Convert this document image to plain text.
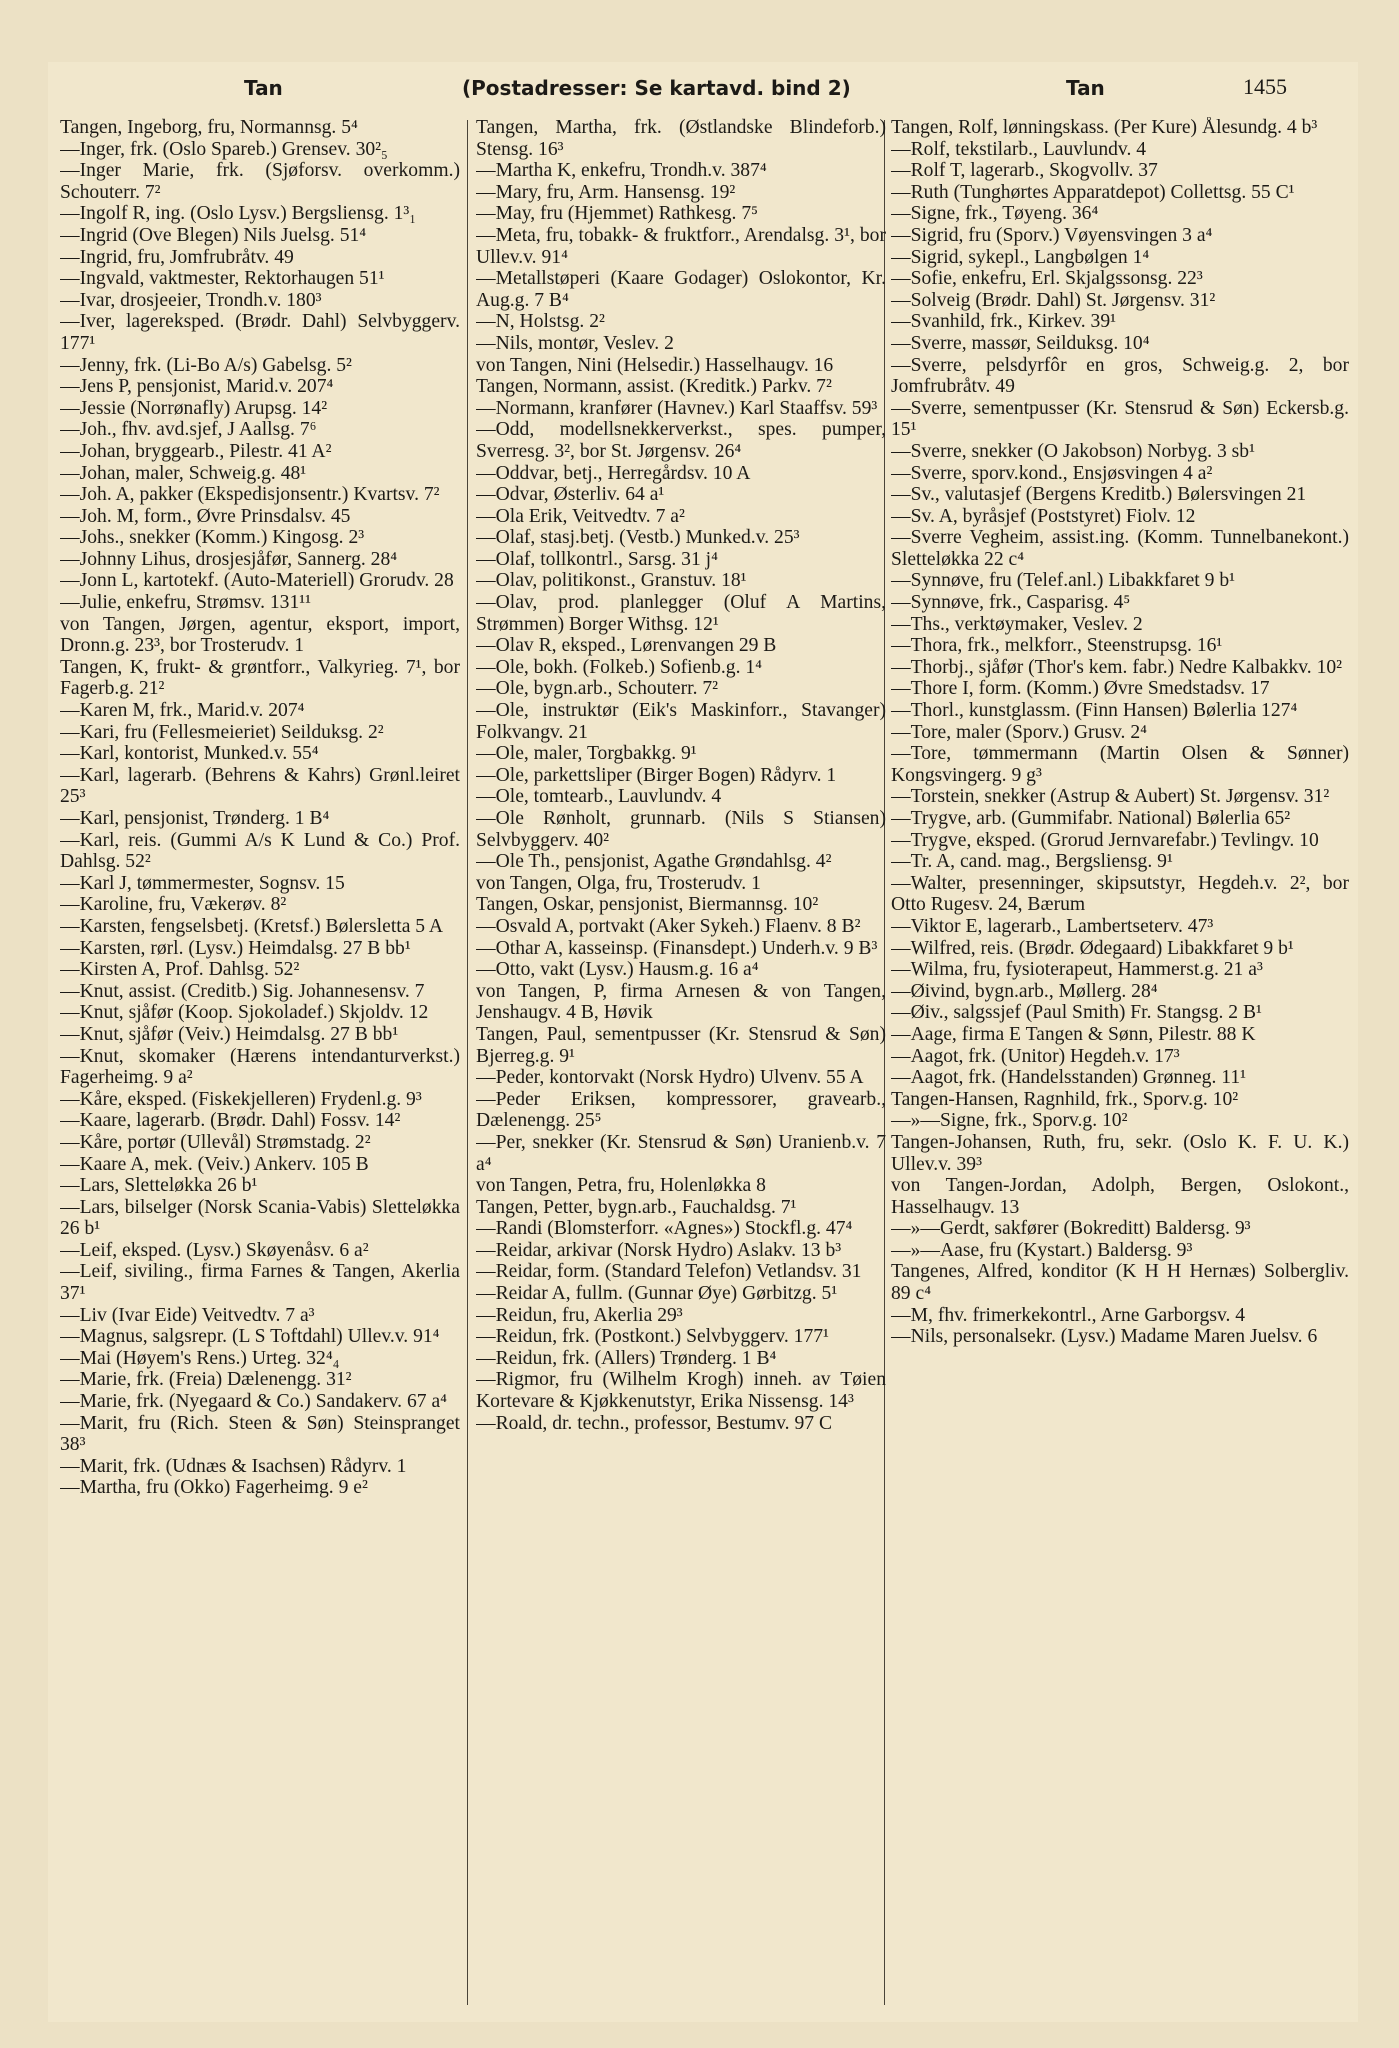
Tan	(Postadresser: Se kartavd. bind 2)	Tan	1455

Tangen, Ingeborg, fru, Normannsg. 5⁴

—Inger, frk. (Oslo Spareb.) Grensev. 30²₅

—Inger Marie, frk. (Sjøforsv. overkomm.) Schouterr. 7²

—Ingolf R, ing. (Oslo Lysv.) Bergsliensg. 1³₁

—Ingrid (Ove Blegen) Nils Juelsg. 51⁴

—Ingrid, fru, Jomfrubråtv. 49

—Ingvald, vaktmester, Rektorhaugen 51¹

—Ivar, drosjeeier, Trondh.v. 180³

—Iver, lagereksped. (Brødr. Dahl) Selvbyggerv. 177¹

—Jenny, frk. (Li-Bo A/s) Gabelsg. 5²

—Jens P, pensjonist, Marid.v. 207⁴

—Jessie (Norrønafly) Arupsg. 14²

—Joh., fhv. avd.sjef, J Aallsg. 7⁶

—Johan, bryggearb., Pilestr. 41 A²

—Johan, maler, Schweig.g. 48¹

—Joh. A, pakker (Ekspedisjonsentr.) Kvartsv. 7²

—Joh. M, form., Øvre Prinsdalsv. 45

—Johs., snekker (Komm.) Kingosg. 2³

—Johnny Lihus, drosjesjåfør, Sannerg. 28⁴

—Jonn L, kartotekf. (Auto-Materiell) Grorudv. 28

—Julie, enkefru, Strømsv. 131¹¹

von Tangen, Jørgen, agentur, eksport, import, Dronn.g. 23³, bor Trosterudv. 1

Tangen, K, frukt- & grøntforr., Valkyrieg. 7¹, bor Fagerb.g. 21²

—Karen M, frk., Marid.v. 207⁴

—Kari, fru (Fellesmeieriet) Seilduksg. 2²

—Karl, kontorist, Munked.v. 55⁴

—Karl, lagerarb. (Behrens & Kahrs) Grønl.leiret 25³

—Karl, pensjonist, Trønderg. 1 B⁴

—Karl, reis. (Gummi A/s K Lund & Co.) Prof. Dahlsg. 52²

—Karl J, tømmermester, Sognsv. 15

—Karoline, fru, Vækerøv. 8²

—Karsten, fengselsbetj. (Kretsf.) Bølersletta 5 A

—Karsten, rørl. (Lysv.) Heimdalsg. 27 B bb¹

—Kirsten A, Prof. Dahlsg. 52²

—Knut, assist. (Creditb.) Sig. Johannesensv. 7

—Knut, sjåfør (Koop. Sjokoladef.) Skjoldv. 12

—Knut, sjåfør (Veiv.) Heimdalsg. 27 B bb¹

—Knut, skomaker (Hærens intendanturverkst.) Fagerheimg. 9 a²

—Kåre, eksped. (Fiskekjelleren) Frydenl.g. 9³

—Kaare, lagerarb. (Brødr. Dahl) Fossv. 14²

—Kåre, portør (Ullevål) Strømstadg. 2²

—Kaare A, mek. (Veiv.) Ankerv. 105 B

—Lars, Sletteløkka 26 b¹

—Lars, bilselger (Norsk Scania-Vabis) Sletteløkka 26 b¹

—Leif, eksped. (Lysv.) Skøyenåsv. 6 a²

—Leif, siviling., firma Farnes & Tangen, Akerlia 37¹

—Liv (Ivar Eide) Veitvedtv. 7 a³

—Magnus, salgsrepr. (L S Toftdahl) Ullev.v. 91⁴

—Mai (Høyem's Rens.) Urteg. 32⁴₄

—Marie, frk. (Freia) Dælenengg. 31²

—Marie, frk. (Nyegaard & Co.) Sandakerv. 67 a⁴

—Marit, fru (Rich. Steen & Søn) Steinspranget 38³

—Marit, frk. (Udnæs & Isachsen) Rådyrv. 1

—Martha, fru (Okko) Fagerheimg. 9 e²

Tangen, Martha, frk. (Østlandske Blindeforb.) Stensg. 16³

—Martha K, enkefru, Trondh.v. 387⁴

—Mary, fru, Arm. Hansensg. 19²

—May, fru (Hjemmet) Rathkesg. 7⁵

—Meta, fru, tobakk- & fruktforr., Arendalsg. 3¹, bor Ullev.v. 91⁴

—Metallstøperi (Kaare Godager) Oslokontor, Kr. Aug.g. 7 B⁴

—N, Holstsg. 2²

—Nils, montør, Veslev. 2

von Tangen, Nini (Helsedir.) Hasselhaugv. 16

Tangen, Normann, assist. (Kreditk.) Parkv. 7²

—Normann, kranfører (Havnev.) Karl Staaffsv. 59³

—Odd, modellsnekkerverkst., spes. pumper, Sverresg. 3², bor St. Jørgensv. 26⁴

—Oddvar, betj., Herregårdsv. 10 A

—Odvar, Østerliv. 64 a¹

—Ola Erik, Veitvedtv. 7 a²

—Olaf, stasj.betj. (Vestb.) Munked.v. 25³

—Olaf, tollkontrl., Sarsg. 31 j⁴

—Olav, politikonst., Granstuv. 18¹

—Olav, prod. planlegger (Oluf A Martins, Strømmen) Borger Withsg. 12¹

—Olav R, eksped., Lørenvangen 29 B

—Ole, bokh. (Folkeb.) Sofienb.g. 1⁴

—Ole, bygn.arb., Schouterr. 7²

—Ole, instruktør (Eik's Maskinforr., Stavanger) Folkvangv. 21

—Ole, maler, Torgbakkg. 9¹

—Ole, parkettsliper (Birger Bogen) Rådyrv. 1

—Ole, tomtearb., Lauvlundv. 4

—Ole Rønholt, grunnarb. (Nils S Stiansen) Selvbyggerv. 40²

—Ole Th., pensjonist, Agathe Grøndahlsg. 4²

von Tangen, Olga, fru, Trosterudv. 1

Tangen, Oskar, pensjonist, Biermannsg. 10²

—Osvald A, portvakt (Aker Sykeh.) Flaenv. 8 B²

—Othar A, kasseinsp. (Finansdept.) Underh.v. 9 B³

—Otto, vakt (Lysv.) Hausm.g. 16 a⁴

von Tangen, P, firma Arnesen & von Tangen, Jenshaugv. 4 B, Høvik

Tangen, Paul, sementpusser (Kr. Stensrud & Søn) Bjerreg.g. 9¹

—Peder, kontorvakt (Norsk Hydro) Ulvenv. 55 A

—Peder Eriksen, kompressorer, gravearb., Dælenengg. 25⁵

—Per, snekker (Kr. Stensrud & Søn) Uranienb.v. 7 a⁴

von Tangen, Petra, fru, Holenløkka 8

Tangen, Petter, bygn.arb., Fauchaldsg. 7¹

—Randi (Blomsterforr. «Agnes») Stockfl.g. 47⁴

—Reidar, arkivar (Norsk Hydro) Aslakv. 13 b³

—Reidar, form. (Standard Telefon) Vetlandsv. 31

—Reidar A, fullm. (Gunnar Øye) Gørbitzg. 5¹

—Reidun, fru, Akerlia 29³

—Reidun, frk. (Postkont.) Selvbyggerv. 177¹

—Reidun, frk. (Allers) Trønderg. 1 B⁴

—Rigmor, fru (Wilhelm Krogh) inneh. av Tøien Kortevare & Kjøkkenutstyr, Erika Nissensg. 14³

—Roald, dr. techn., professor, Bestumv. 97 C

Tangen, Rolf, lønningskass. (Per Kure) Ålesundg. 4 b³

—Rolf, tekstilarb., Lauvlundv. 4

—Rolf T, lagerarb., Skogvollv. 37

—Ruth (Tunghørtes Apparatdepot) Collettsg. 55 C¹

—Signe, frk., Tøyeng. 36⁴

—Sigrid, fru (Sporv.) Vøyensvingen 3 a⁴

—Sigrid, sykepl., Langbølgen 1⁴

—Sofie, enkefru, Erl. Skjalgssonsg. 22³

—Solveig (Brødr. Dahl) St. Jørgensv. 31²

—Svanhild, frk., Kirkev. 39¹

—Sverre, massør, Seilduksg. 10⁴

—Sverre, pelsdyrfôr en gros, Schweig.g. 2, bor Jomfrubråtv. 49

—Sverre, sementpusser (Kr. Stensrud & Søn) Eckersb.g. 15¹

—Sverre, snekker (O Jakobson) Norbyg. 3 sb¹

—Sverre, sporv.kond., Ensjøsvingen 4 a²

—Sv., valutasjef (Bergens Kreditb.) Bølersvingen 21

—Sv. A, byråsjef (Poststyret) Fiolv. 12

—Sverre Vegheim, assist.ing. (Komm. Tunnelbanekont.) Sletteløkka 22 c⁴

—Synnøve, fru (Telef.anl.) Libakkfaret 9 b¹

—Synnøve, frk., Casparisg. 4⁵

—Ths., verktøymaker, Veslev. 2

—Thora, frk., melkforr., Steenstrupsg. 16¹

—Thorbj., sjåfør (Thor's kem. fabr.) Nedre Kalbakkv. 10²

—Thore I, form. (Komm.) Øvre Smedstadsv. 17

—Thorl., kunstglassm. (Finn Hansen) Bølerlia 127⁴

—Tore, maler (Sporv.) Grusv. 2⁴

—Tore, tømmermann (Martin Olsen & Sønner) Kongsvingerg. 9 g³

—Torstein, snekker (Astrup & Aubert) St. Jørgensv. 31²

—Trygve, arb. (Gummifabr. National) Bølerlia 65²

—Trygve, eksped. (Grorud Jernvarefabr.) Tevlingv. 10

—Tr. A, cand. mag., Bergsliensg. 9¹

—Walter, presenninger, skipsutstyr, Hegdeh.v. 2², bor Otto Rugesv. 24, Bærum

—Viktor E, lagerarb., Lambertseterv. 47³

—Wilfred, reis. (Brødr. Ødegaard) Libakkfaret 9 b¹

—Wilma, fru, fysioterapeut, Hammerst.g. 21 a³

—Øivind, bygn.arb., Møllerg. 28⁴

—Øiv., salgssjef (Paul Smith) Fr. Stangsg. 2 B¹

—Aage, firma E Tangen & Sønn, Pilestr. 88 K

—Aagot, frk. (Unitor) Hegdeh.v. 17³

—Aagot, frk. (Handelsstanden) Grønneg. 11¹

Tangen-Hansen, Ragnhild, frk., Sporv.g. 10²

—»—Signe, frk., Sporv.g. 10²

Tangen-Johansen, Ruth, fru, sekr. (Oslo K. F. U. K.) Ullev.v. 39³

von Tangen-Jordan, Adolph, Bergen, Oslokont., Hasselhaugv. 13

—»—Gerdt, sakfører (Bokreditt) Baldersg. 9³

—»—Aase, fru (Kystart.) Baldersg. 9³

Tangenes, Alfred, konditor (K H H Hernæs) Solbergliv. 89 c⁴

—M, fhv. frimerkekontrl., Arne Garborgsv. 4

—Nils, personalsekr. (Lysv.) Madame Maren Juelsv. 6
